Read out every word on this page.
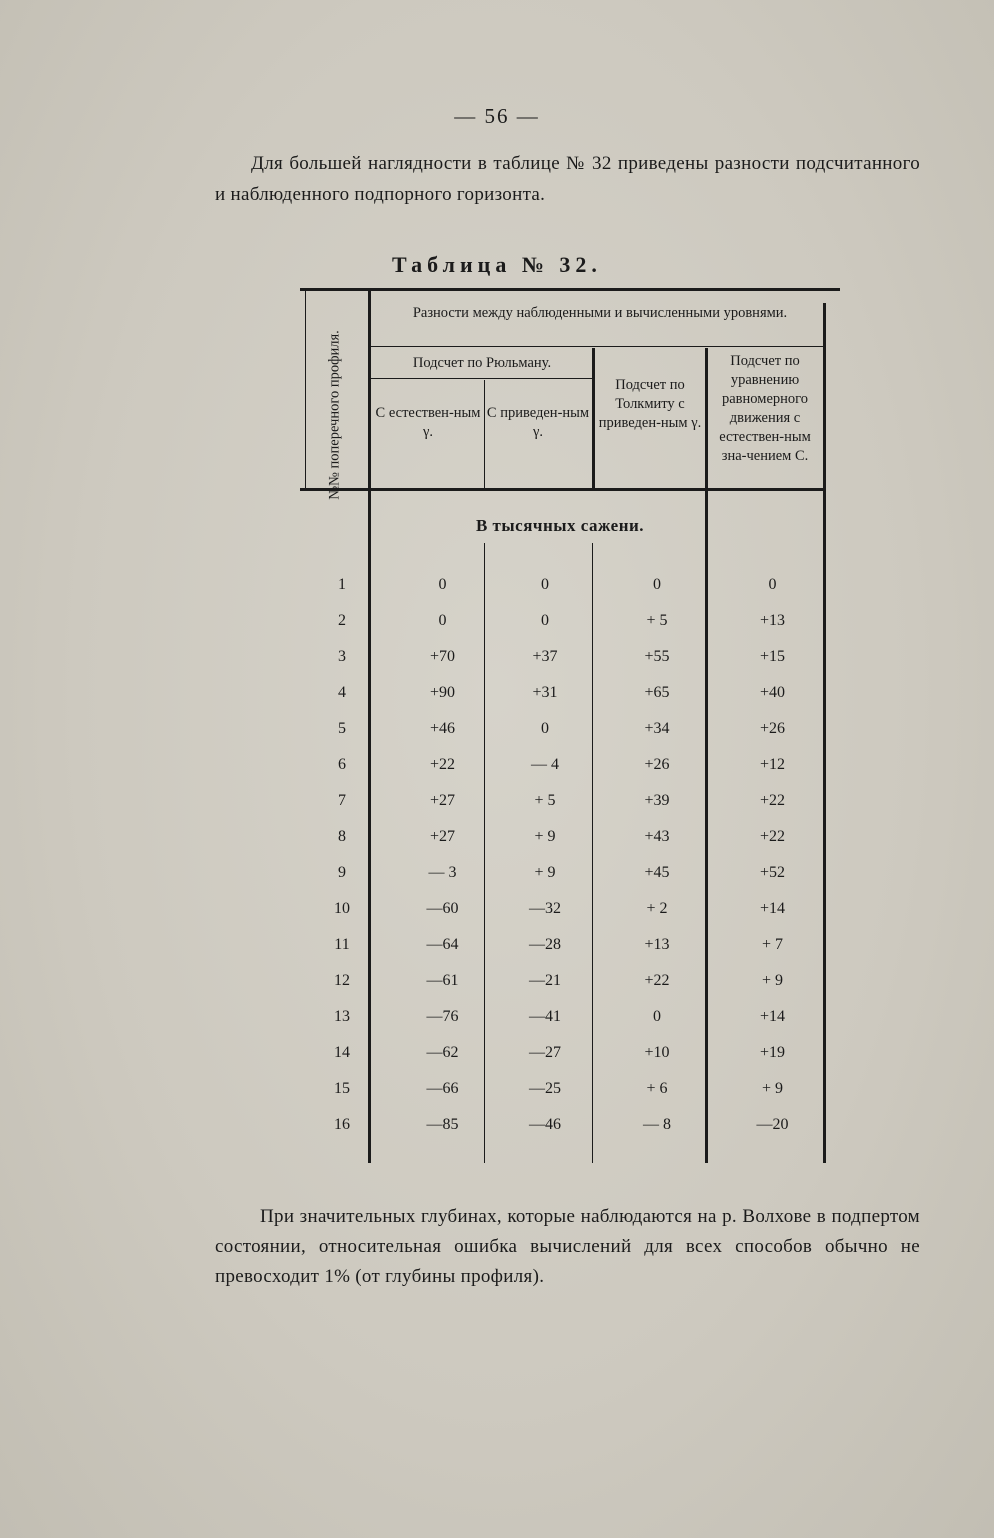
— 56 —
Для большей наглядности в таблице № 32 приведены разности подсчитанного и наблюденного подпорного горизонта.
Таблица № 32.
Разности между наблюденными и вычисленными уровнями.
№№ поперечного профиля.	Подсчет по Рюльману.
С естествен-ным γ.
С приведен-ным γ.
Подсчет по Толкмиту с приведен-ным γ.
Подсчет по уравнению равномерного движения с естествен-ным зна-чением C.
В тысячных сажени.
1	0	0	0	0
2	0	0	+ 5	+13
3	+70	+37	+55	+15
4	+90	+31	+65	+40
5	+46	0	+34	+26
6	+22	— 4	+26	+12
7	+27	+ 5	+39	+22
8	+27	+ 9	+43	+22
9	— 3	+ 9	+45	+52
10	—60	—32	+ 2	+14
11	—64	—28	+13	+ 7
12	—61	—21	+22	+ 9
13	—76	—41	0	+14
14	—62	—27	+10	+19
15	—66	—25	+ 6	+ 9
16	—85	—46	— 8	—20
При значительных глубинах, которые наблюдаются на р. Волхове в подпертом состоянии, относительная ошибка вычислений для всех способов обычно не превосходит 1% (от глубины профиля).
